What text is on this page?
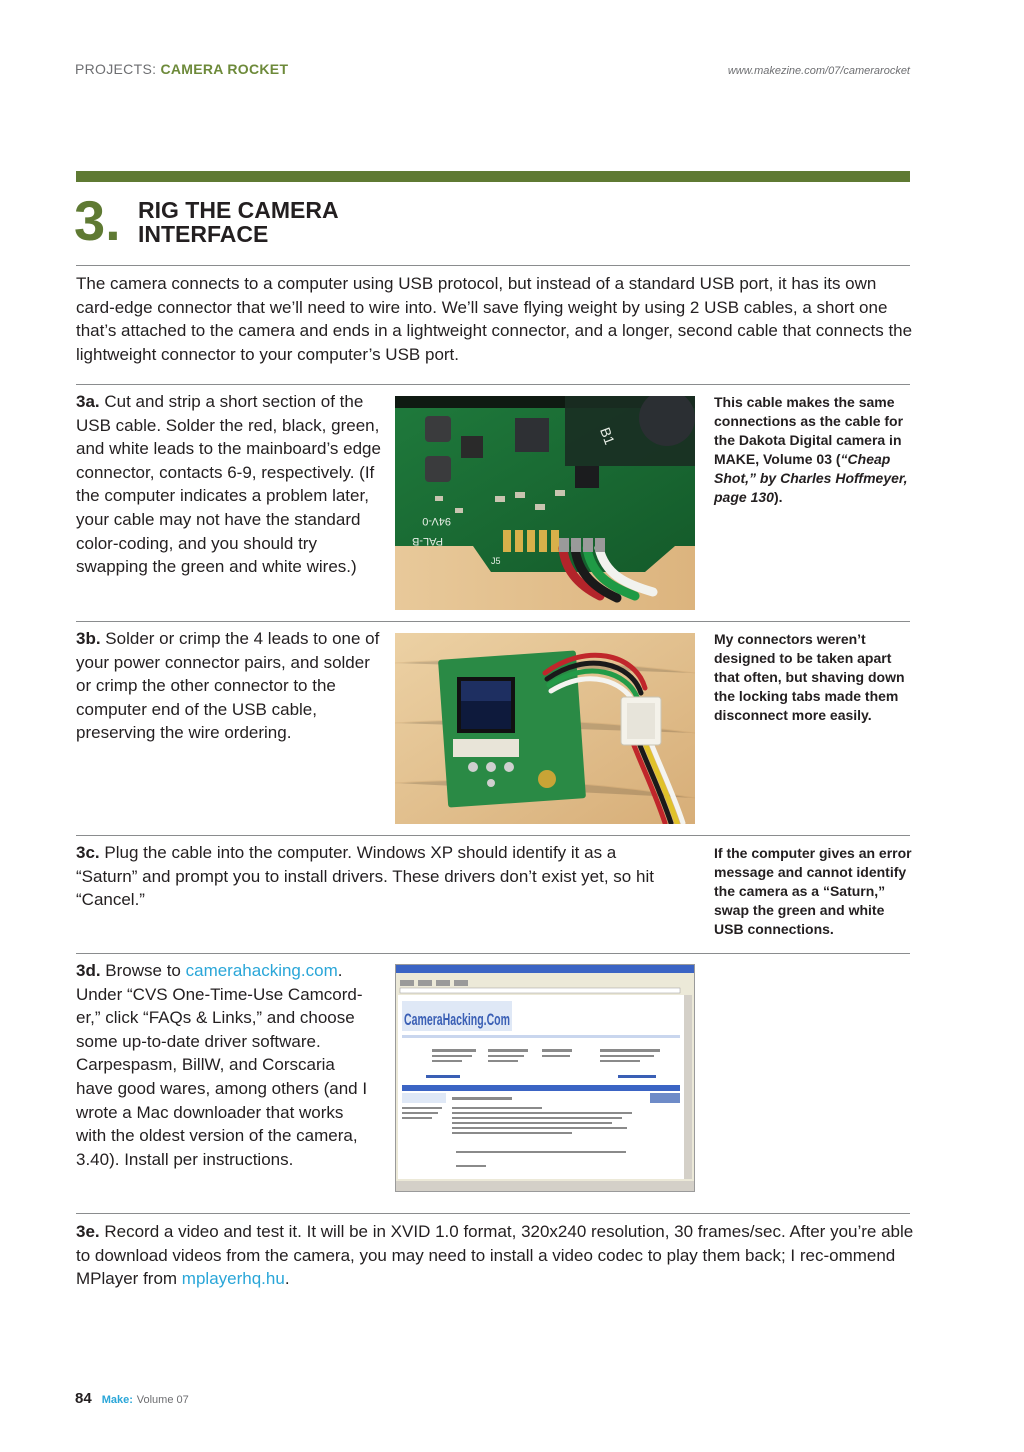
PROJECTS: CAMERA ROCKET	www.makezine.com/07/camerarocket
3. RIG THE CAMERA
INTERFACE
The camera connects to a computer using USB protocol, but instead of a standard USB port, it has its own card-edge connector that we’ll need to wire into. We’ll save flying weight by using 2 USB cables, a short one that’s attached to the camera and ends in a lightweight connector, and a longer, second cable that connects the lightweight connector to your computer’s USB port.
3a. Cut and strip a short section of the USB cable. Solder the red, black, green, and white leads to the mainboard’s edge connector, contacts 6-9, respectively. (If the computer indicates a problem later, your cable may not have the standard color-coding, and you should try swapping the green and white wires.)
94V-0
PAL-B
B1
J5
This cable makes the same connections as the cable for the Dakota Digital camera in MAKE, Volume 03 (“Cheap Shot,” by Charles Hoffmeyer, page 130).
3b. Solder or crimp the 4 leads to one of your power connector pairs, and solder or crimp the other connector to the computer end of the USB cable, preserving the wire ordering.
My connectors weren’t designed to be taken apart that often, but shaving down the locking tabs made them disconnect more easily.
3c. Plug the cable into the computer. Windows XP should identify it as a “Saturn” and prompt you to install drivers. These drivers don’t exist yet, so hit “Cancel.”
If the computer gives an error message and cannot identify the camera as a “Saturn,” swap the green and white USB connections.
3d. Browse to camerahacking.com. Under “CVS One-Time-Use Camcord-er,” click “FAQs & Links,” and choose some up-to-date driver software. Carpespasm, BillW, and Corscaria have good wares, among others (and I wrote a Mac downloader that works with the oldest version of the camera, 3.40). Install per instructions.
CameraHacking.Com
3e. Record a video and test it. It will be in XVID 1.0 format, 320x240 resolution, 30 frames/sec. After you’re able to download videos from the camera, you may need to install a video codec to play them back; I rec-ommend MPlayer from mplayerhq.hu.
84 Make: Volume 07
